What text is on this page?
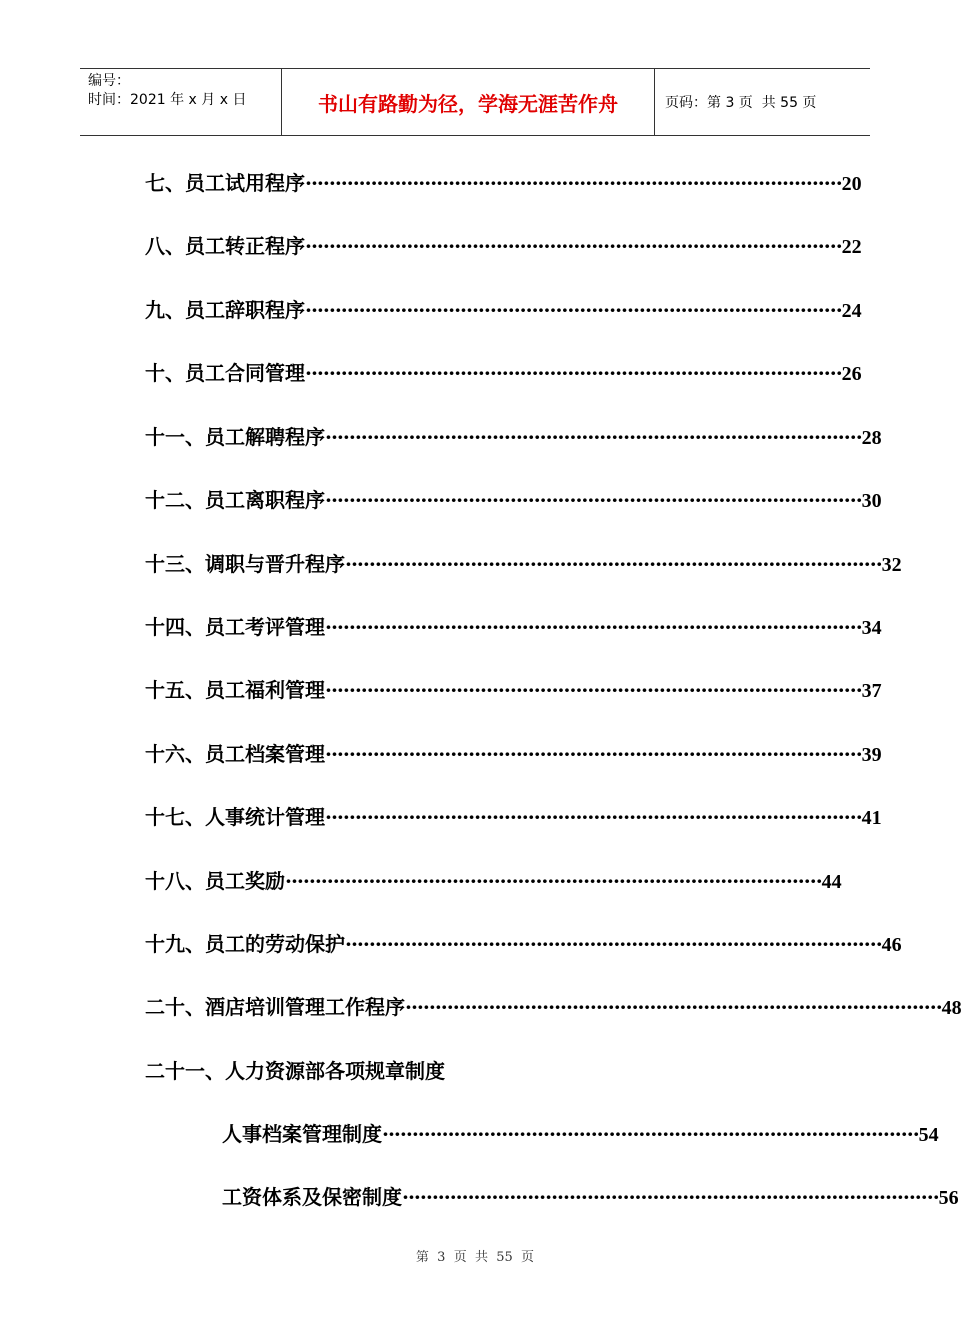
编号：
时间：2021 年 x 月 x 日	书山有路勤为径，学海无涯苦作舟	页码：第 3 页  共 55 页
七、 员工试用程序 ·························································································· 20
八、 员工转正程序 ·························································································· 22
九、 员工辞职程序 ·························································································· 24
十、 员工合同管理 ·························································································· 26
十一、 员工解聘程序 ·························································································· 28
十二、 员工离职程序 ·························································································· 30
十三、 调职与晋升程序 ·························································································· 32
十四、 员工考评管理 ·························································································· 34
十五、 员工福利管理 ·························································································· 37
十六、 员工档案管理 ·························································································· 39
十七、 人事统计管理 ·························································································· 41
十八、 员工奖励 ·························································································· 44
十九、 员工的劳动保护 ·························································································· 46
二十、 酒店培训管理工作程序 ·························································································· 48
二十一、 人力资源部各项规章制度
人事档案管理制度 ·························································································· 54
工资体系及保密制度 ·························································································· 56
第  3  页  共  55  页
